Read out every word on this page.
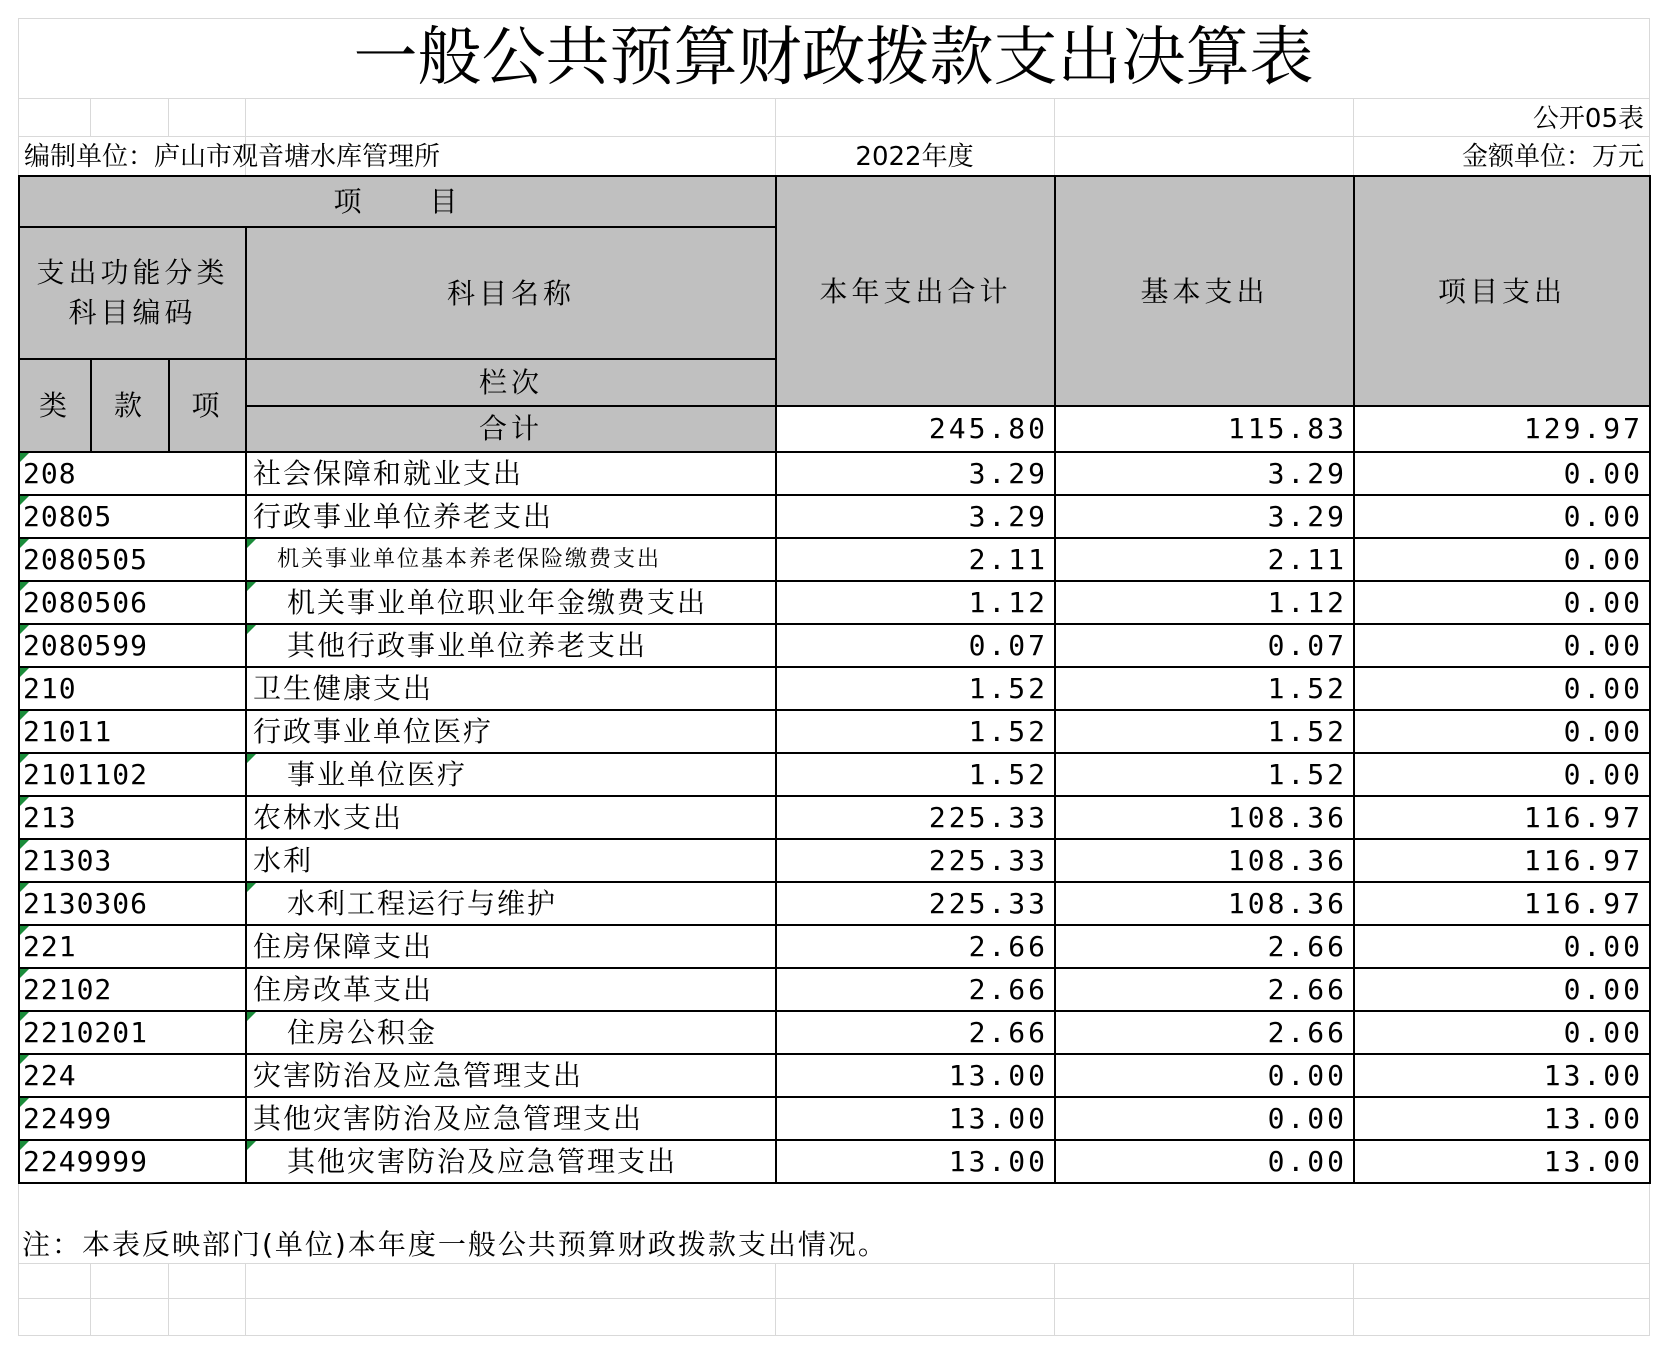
一般公共预算财政拨款支出决算表
公开05表
编制单位：庐山市观音塘水库管理所	2022年度	金额单位：万元
项　　目				本年支出合计	基本支出	项目支出	
支出功能分类科目编码			科目名称				
类	款	项	栏次			
			合计	245.80	115.83	129.97	
208			社会保障和就业支出	3.29	3.29	0.00	
20805			行政事业单位养老支出	3.29	3.29	0.00	
2080505			机关事业单位基本养老保险缴费支出	2.11	2.11	0.00	
2080506			机关事业单位职业年金缴费支出	1.12	1.12	0.00	
2080599			其他行政事业单位养老支出	0.07	0.07	0.00	
210			卫生健康支出	1.52	1.52	0.00	
21011			行政事业单位医疗	1.52	1.52	0.00	
2101102			事业单位医疗	1.52	1.52	0.00	
213			农林水支出	225.33	108.36	116.97	
21303			水利	225.33	108.36	116.97	
2130306			水利工程运行与维护	225.33	108.36	116.97	
221			住房保障支出	2.66	2.66	0.00	
22102			住房改革支出	2.66	2.66	0.00	
2210201			住房公积金	2.66	2.66	0.00	
224			灾害防治及应急管理支出	13.00	0.00	13.00	
22499			其他灾害防治及应急管理支出	13.00	0.00	13.00	
2249999			其他灾害防治及应急管理支出	13.00	0.00	13.00	
注：本表反映部门(单位)本年度一般公共预算财政拨款支出情况。
